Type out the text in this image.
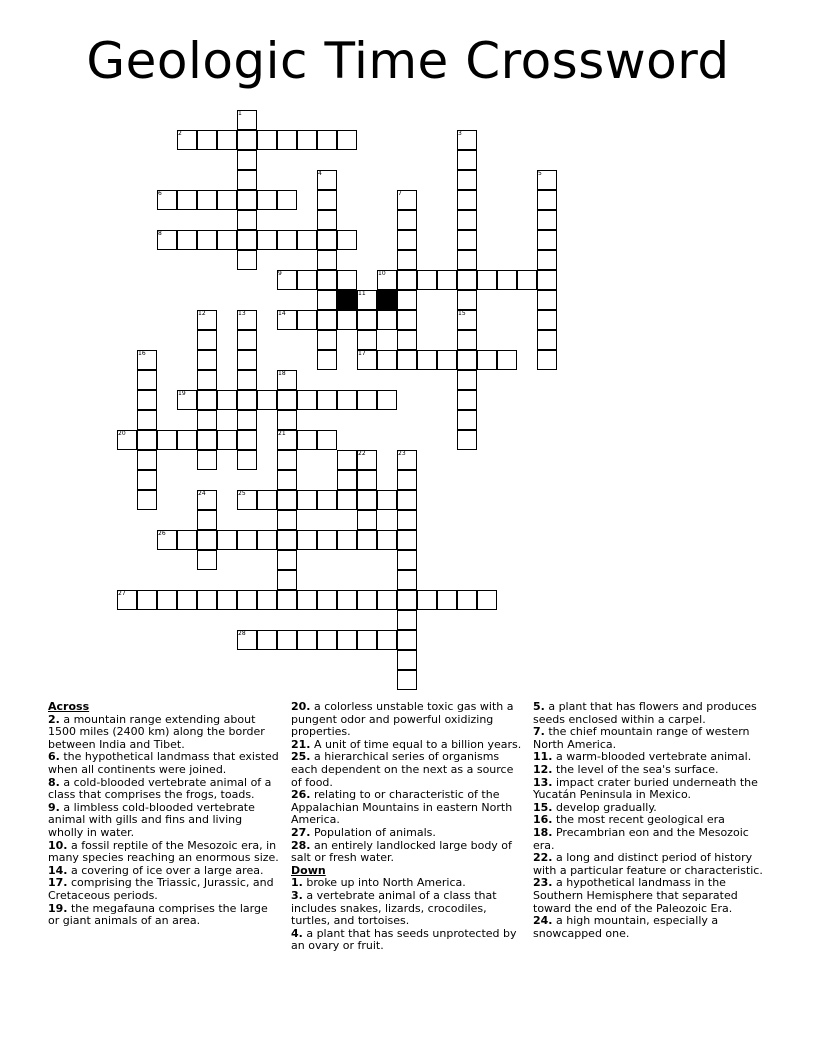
Geologic Time Crossword
1
2	3
4	5
6	7
8
9	10
11
12	13	14	15
16	17
18
19
20	21
22	23
24	25
26
27
28
Across

2. a mountain range extending about 1500 miles (2400 km) along the border between India and Tibet.

6. the hypothetical landmass that existed when all continents were joined.

8. a cold-blooded vertebrate animal of a class that comprises the frogs, toads.

9. a limbless cold-blooded vertebrate animal with gills and fins and living wholly in water.

10. a fossil reptile of the Mesozoic era, in many species reaching an enormous size.

14. a covering of ice over a large area.

17. comprising the Triassic, Jurassic, and Cretaceous periods.

19. the megafauna comprises the large or giant animals of an area.

20. a colorless unstable toxic gas with a pungent odor and powerful oxidizing properties.

21. A unit of time equal to a billion years.

25. a hierarchical series of organisms each dependent on the next as a source of food.

26. relating to or characteristic of the Appalachian Mountains in eastern North America.

27. Population of animals.

28. an entirely landlocked large body of salt or fresh water.

Down

1. broke up into North America.

3. a vertebrate animal of a class that includes snakes, lizards, crocodiles, turtles, and tortoises.

4. a plant that has seeds unprotected by an ovary or fruit.

5. a plant that has flowers and produces seeds enclosed within a carpel.

7. the chief mountain range of western North America.

11. a warm-blooded vertebrate animal.

12. the level of the sea's surface.

13. impact crater buried underneath the Yucatán Peninsula in Mexico.

15. develop gradually.

16. the most recent geological era

18. Precambrian eon and the Mesozoic era.

22. a long and distinct period of history with a particular feature or characteristic.

23. a hypothetical landmass in the Southern Hemisphere that separated toward the end of the Paleozoic Era.

24. a high mountain, especially a snowcapped one.
